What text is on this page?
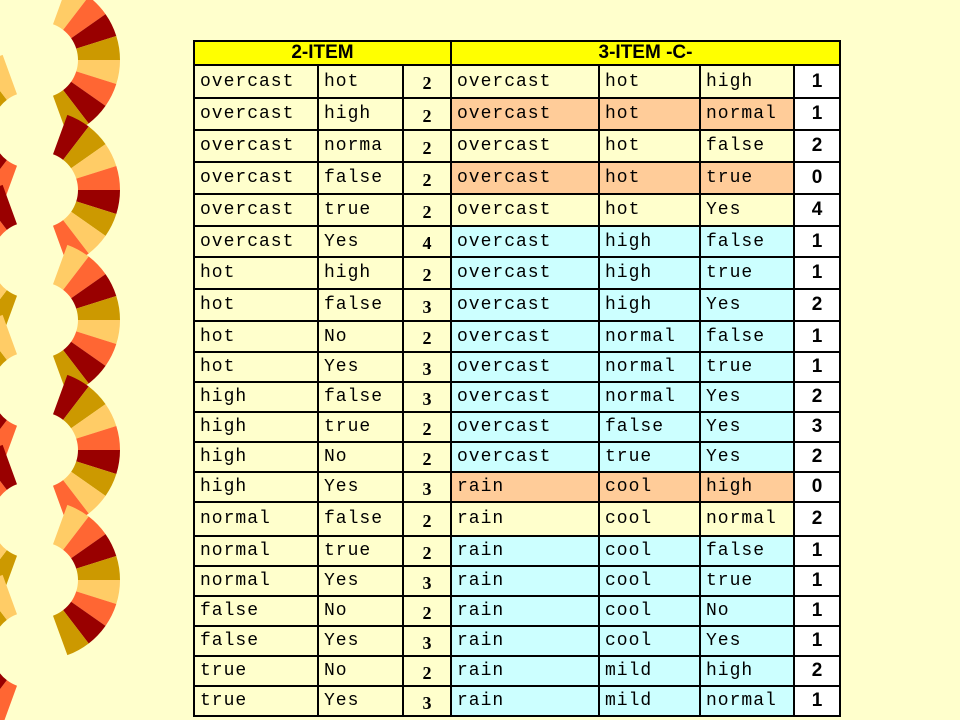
2-ITEM			3-ITEM -C-			
overcast	hot	2	overcast	hot	high	1
overcast	high	2	overcast	hot	normal	1
overcast	norma	2	overcast	hot	false	2
overcast	false	2	overcast	hot	true	0
overcast	true	2	overcast	hot	Yes	4
overcast	Yes	4	overcast	high	false	1
hot	high	2	overcast	high	true	1
hot	false	3	overcast	high	Yes	2
hot	No	2	overcast	normal	false	1
hot	Yes	3	overcast	normal	true	1
high	false	3	overcast	normal	Yes	2
high	true	2	overcast	false	Yes	3
high	No	2	overcast	true	Yes	2
high	Yes	3	rain	cool	high	0
normal	false	2	rain	cool	normal	2
normal	true	2	rain	cool	false	1
normal	Yes	3	rain	cool	true	1
false	No	2	rain	cool	No	1
false	Yes	3	rain	cool	Yes	1
true	No	2	rain	mild	high	2
true	Yes	3	rain	mild	normal	1
